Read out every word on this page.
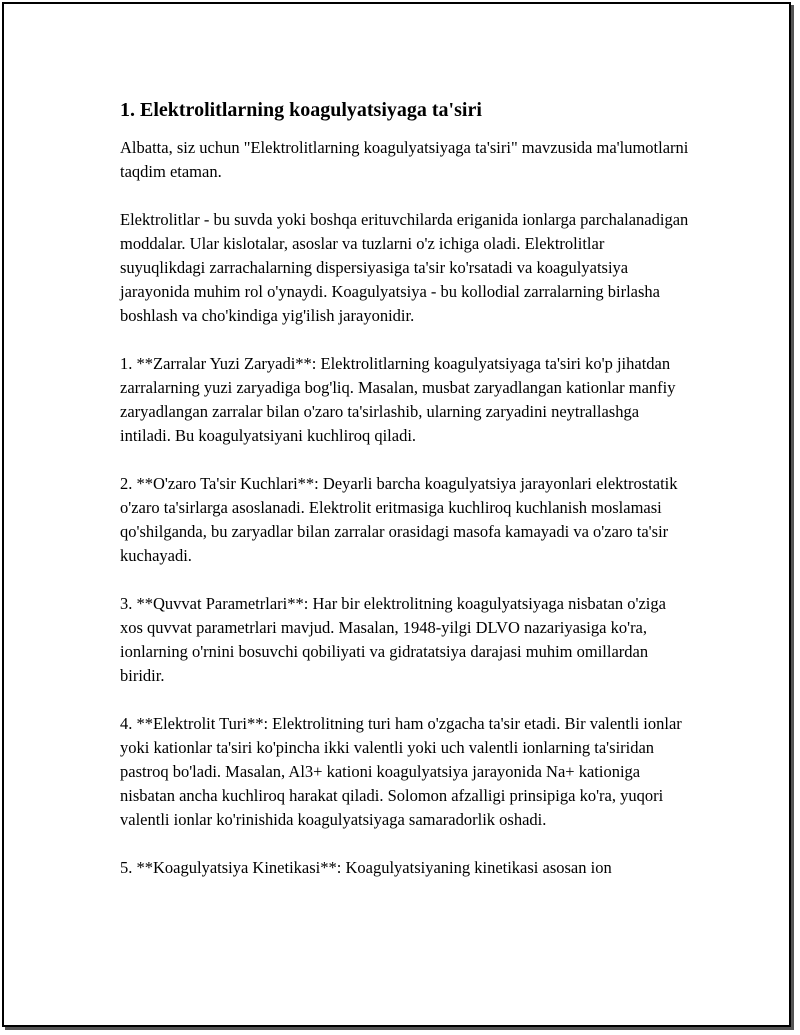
1. Elektrolitlarning koagulyatsiyaga ta'siri

Albatta, siz uchun "Elektrolitlarning koagulyatsiyaga ta'siri" mavzusida ma'lumotlarni taqdim etaman.

Elektrolitlar - bu suvda yoki boshqa erituvchilarda eriganida ionlarga parchalanadigan moddalar. Ular kislotalar, asoslar va tuzlarni o'z ichiga oladi. Elektrolitlar suyuqlikdagi zarrachalarning dispersiyasiga ta'sir ko'rsatadi va koagulyatsiya jarayonida muhim rol o'ynaydi. Koagulyatsiya - bu kollodial zarralarning birlasha boshlash va cho'kindiga yig'ilish jarayonidir.

1. **Zarralar Yuzi Zaryadi**: Elektrolitlarning koagulyatsiyaga ta'siri ko'p jihatdan zarralarning yuzi zaryadiga bog'liq. Masalan, musbat zaryadlangan kationlar manfiy zaryadlangan zarralar bilan o'zaro ta'sirlashib, ularning zaryadini neytrallashga intiladi. Bu koagulyatsiyani kuchliroq qiladi.

2. **O'zaro Ta'sir Kuchlari**: Deyarli barcha koagulyatsiya jarayonlari elektrostatik o'zaro ta'sirlarga asoslanadi. Elektrolit eritmasiga kuchliroq kuchlanish moslamasi qo'shilganda, bu zaryadlar bilan zarralar orasidagi masofa kamayadi va o'zaro ta'sir kuchayadi.

3. **Quvvat Parametrlari**: Har bir elektrolitning koagulyatsiyaga nisbatan o'ziga xos quvvat parametrlari mavjud. Masalan, 1948-yilgi DLVO nazariyasiga ko'ra, ionlarning o'rnini bosuvchi qobiliyati va gidratatsiya darajasi muhim omillardan biridir.

4. **Elektrolit Turi**: Elektrolitning turi ham o'zgacha ta'sir etadi. Bir valentli ionlar yoki kationlar ta'siri ko'pincha ikki valentli yoki uch valentli ionlarning ta'siridan pastroq bo'ladi. Masalan, Al3+ kationi koagulyatsiya jarayonida Na+ kationiga nisbatan ancha kuchliroq harakat qiladi. Solomon afzalligi prinsipiga ko'ra, yuqori valentli ionlar ko'rinishida koagulyatsiyaga samaradorlik oshadi.

5. **Koagulyatsiya Kinetikasi**: Koagulyatsiyaning kinetikasi asosan ion
